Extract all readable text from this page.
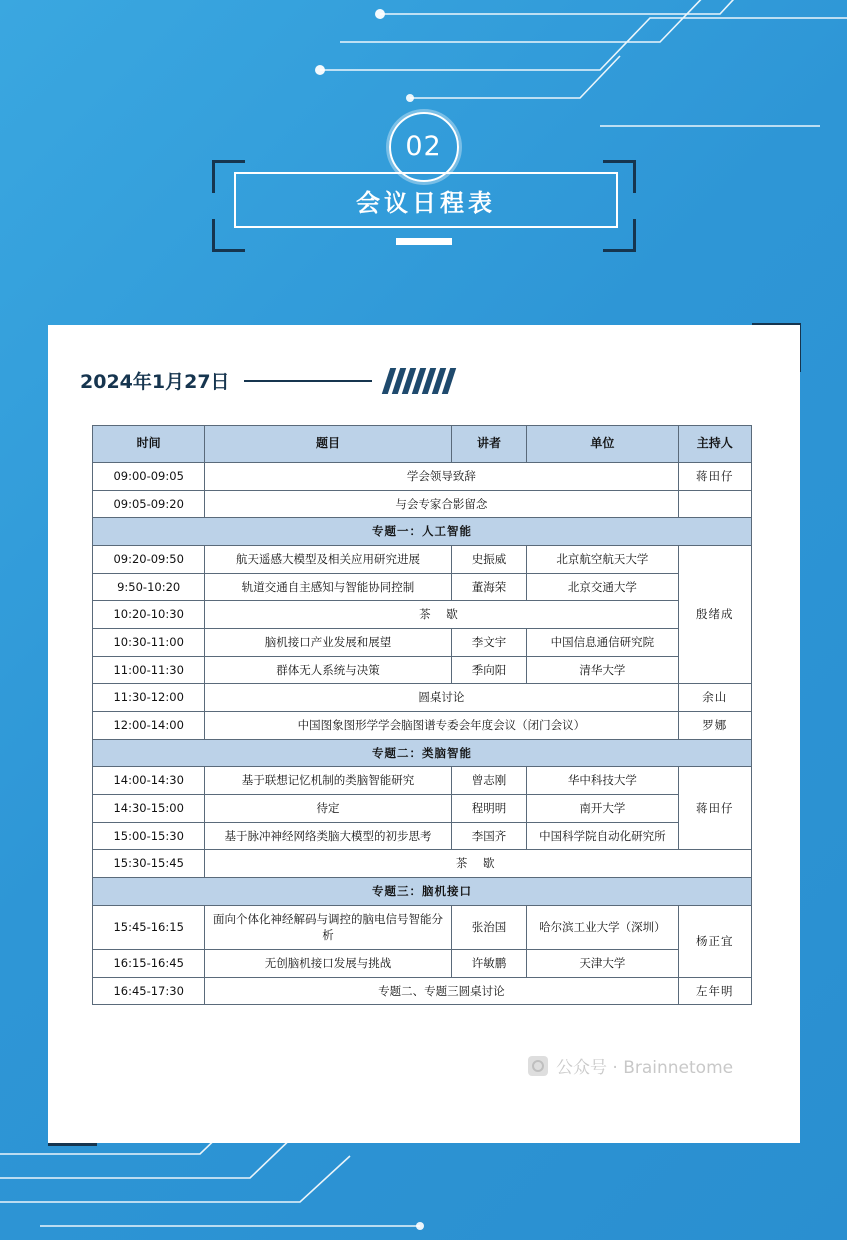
02
会议日程表
2024年1月27日
时间	题目	讲者	单位	主持人
09:00-09:05	学会领导致辞			蒋田仔
09:05-09:20	与会专家合影留念			
专题一：人工智能				
09:20-09:50	航天遥感大模型及相关应用研究进展	史振威	北京航空航天大学	殷绪成
9:50-10:20	轨道交通自主感知与智能协同控制	董海荣	北京交通大学	
10:20-10:30	茶 歇			
10:30-11:00	脑机接口产业发展和展望	李文宇	中国信息通信研究院	
11:00-11:30	群体无人系统与决策	季向阳	清华大学	
11:30-12:00	圆桌讨论			余山
12:00-14:00	中国图象图形学学会脑图谱专委会年度会议（闭门会议）			罗娜
专题二：类脑智能				
14:00-14:30	基于联想记忆机制的类脑智能研究	曾志刚	华中科技大学	蒋田仔
14:30-15:00	待定	程明明	南开大学	
15:00-15:30	基于脉冲神经网络类脑大模型的初步思考	李国齐	中国科学院自动化研究所	
15:30-15:45	茶 歇			
专题三：脑机接口				
15:45-16:15	面向个体化神经解码与调控的脑电信号智能分析	张治国	哈尔滨工业大学（深圳）	杨正宜
16:15-16:45	无创脑机接口发展与挑战	许敏鹏	天津大学	
16:45-17:30	专题二、专题三圆桌讨论			左年明
公众号 · Brainnetome
